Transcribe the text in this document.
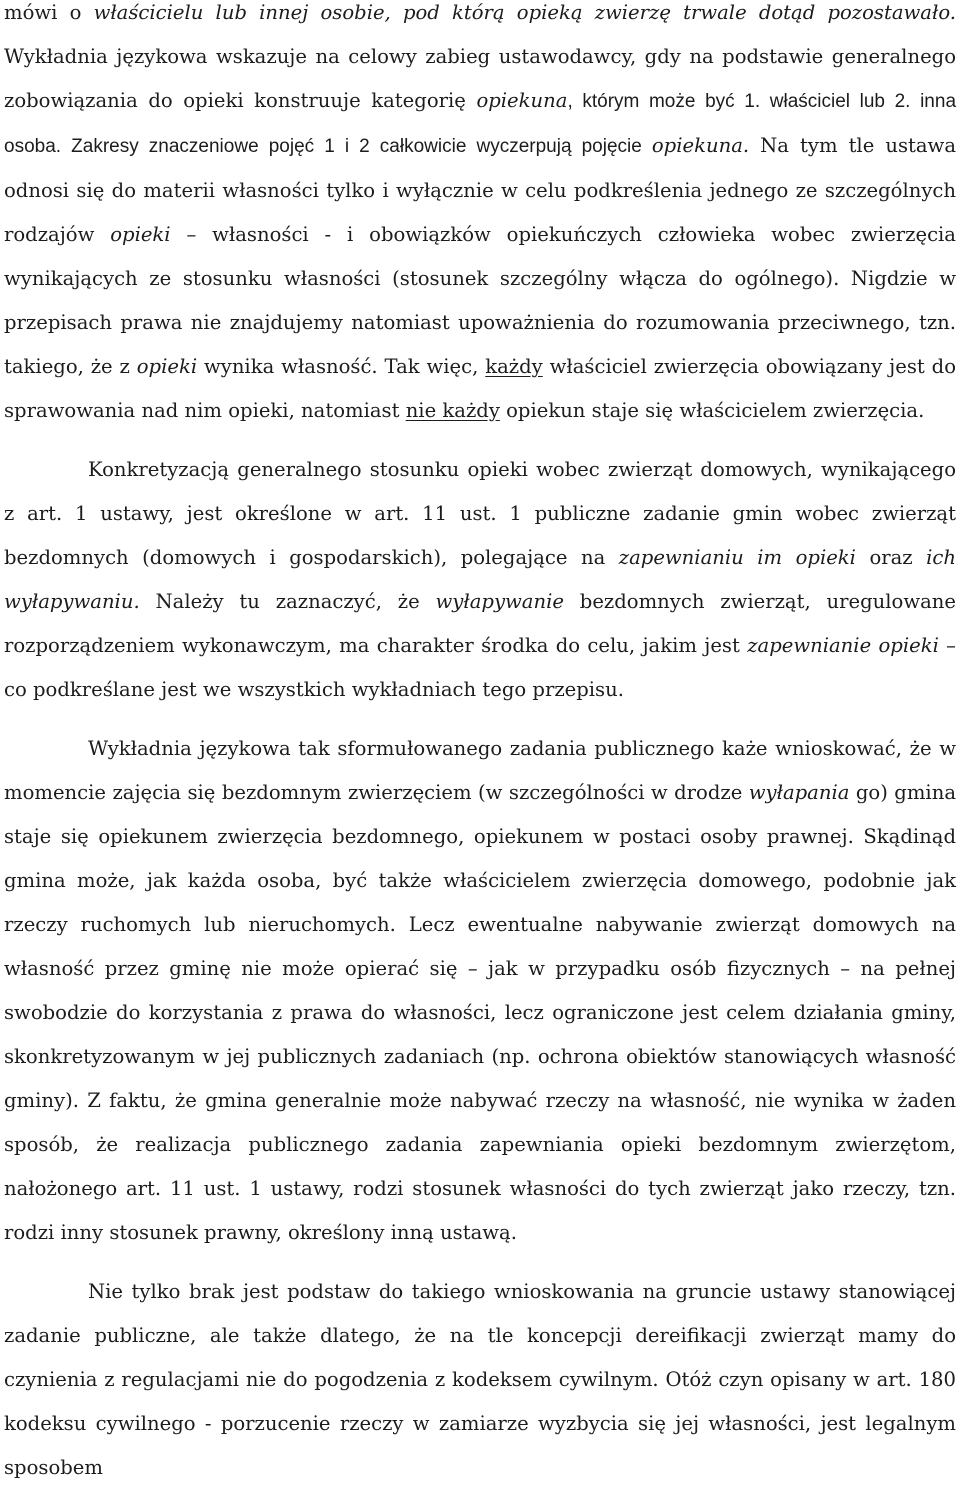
mówi o właścicielu lub innej osobie, pod którą opieką zwierzę trwale dotąd pozostawało. Wykładnia językowa wskazuje na celowy zabieg ustawodawcy, gdy na podstawie generalnego zobowiązania do opieki konstruuje kategorię opiekuna, którym może być 1. właściciel lub 2. inna osoba. Zakresy znaczeniowe pojęć 1 i 2 całkowicie wyczerpują pojęcie opiekuna. Na tym tle ustawa odnosi się do materii własności tylko i wyłącznie w celu podkreślenia jednego ze szczególnych rodzajów opieki – własności - i obowiązków opiekuńczych człowieka wobec zwierzęcia wynikających ze stosunku własności (stosunek szczególny włącza do ogólnego). Nigdzie w przepisach prawa nie znajdujemy natomiast upoważnienia do rozumowania przeciwnego, tzn. takiego, że z opieki wynika własność. Tak więc, każdy właściciel zwierzęcia obowiązany jest do sprawowania nad nim opieki, natomiast nie każdy opiekun staje się właścicielem zwierzęcia.

Konkretyzacją generalnego stosunku opieki wobec zwierząt domowych, wynikającego z art. 1 ustawy, jest określone w art. 11 ust. 1 publiczne zadanie gmin wobec zwierząt bezdomnych (domowych i gospodarskich), polegające na zapewnianiu im opieki oraz ich wyłapywaniu. Należy tu zaznaczyć, że wyłapywanie bezdomnych zwierząt, uregulowane rozporządzeniem wykonawczym, ma charakter środka do celu, jakim jest zapewnianie opieki – co podkreślane jest we wszystkich wykładniach tego przepisu.

Wykładnia językowa tak sformułowanego zadania publicznego każe wnioskować, że w momencie zajęcia się bezdomnym zwierzęciem (w szczególności w drodze wyłapania go) gmina staje się opiekunem zwierzęcia bezdomnego, opiekunem w postaci osoby prawnej. Skądinąd gmina może, jak każda osoba, być także właścicielem zwierzęcia domowego, podobnie jak rzeczy ruchomych lub nieruchomych. Lecz ewentualne nabywanie zwierząt domowych na własność przez gminę nie może opierać się – jak w przypadku osób fizycznych – na pełnej swobodzie do korzystania z prawa do własności, lecz ograniczone jest celem działania gminy, skonkretyzowanym w jej publicznych zadaniach (np. ochrona obiektów stanowiących własność gminy). Z faktu, że gmina generalnie może nabywać rzeczy na własność, nie wynika w żaden sposób, że realizacja publicznego zadania zapewniania opieki bezdomnym zwierzętom, nałożonego art. 11 ust. 1 ustawy, rodzi stosunek własności do tych zwierząt jako rzeczy, tzn. rodzi inny stosunek prawny, określony inną ustawą.

Nie tylko brak jest podstaw do takiego wnioskowania na gruncie ustawy stanowiącej zadanie publiczne, ale także dlatego, że na tle koncepcji dereifikacji zwierząt mamy do czynienia z regulacjami nie do pogodzenia z kodeksem cywilnym. Otóż czyn opisany w art. 180 kodeksu cywilnego - porzucenie rzeczy w zamiarze wyzbycia się jej własności, jest legalnym sposobem
